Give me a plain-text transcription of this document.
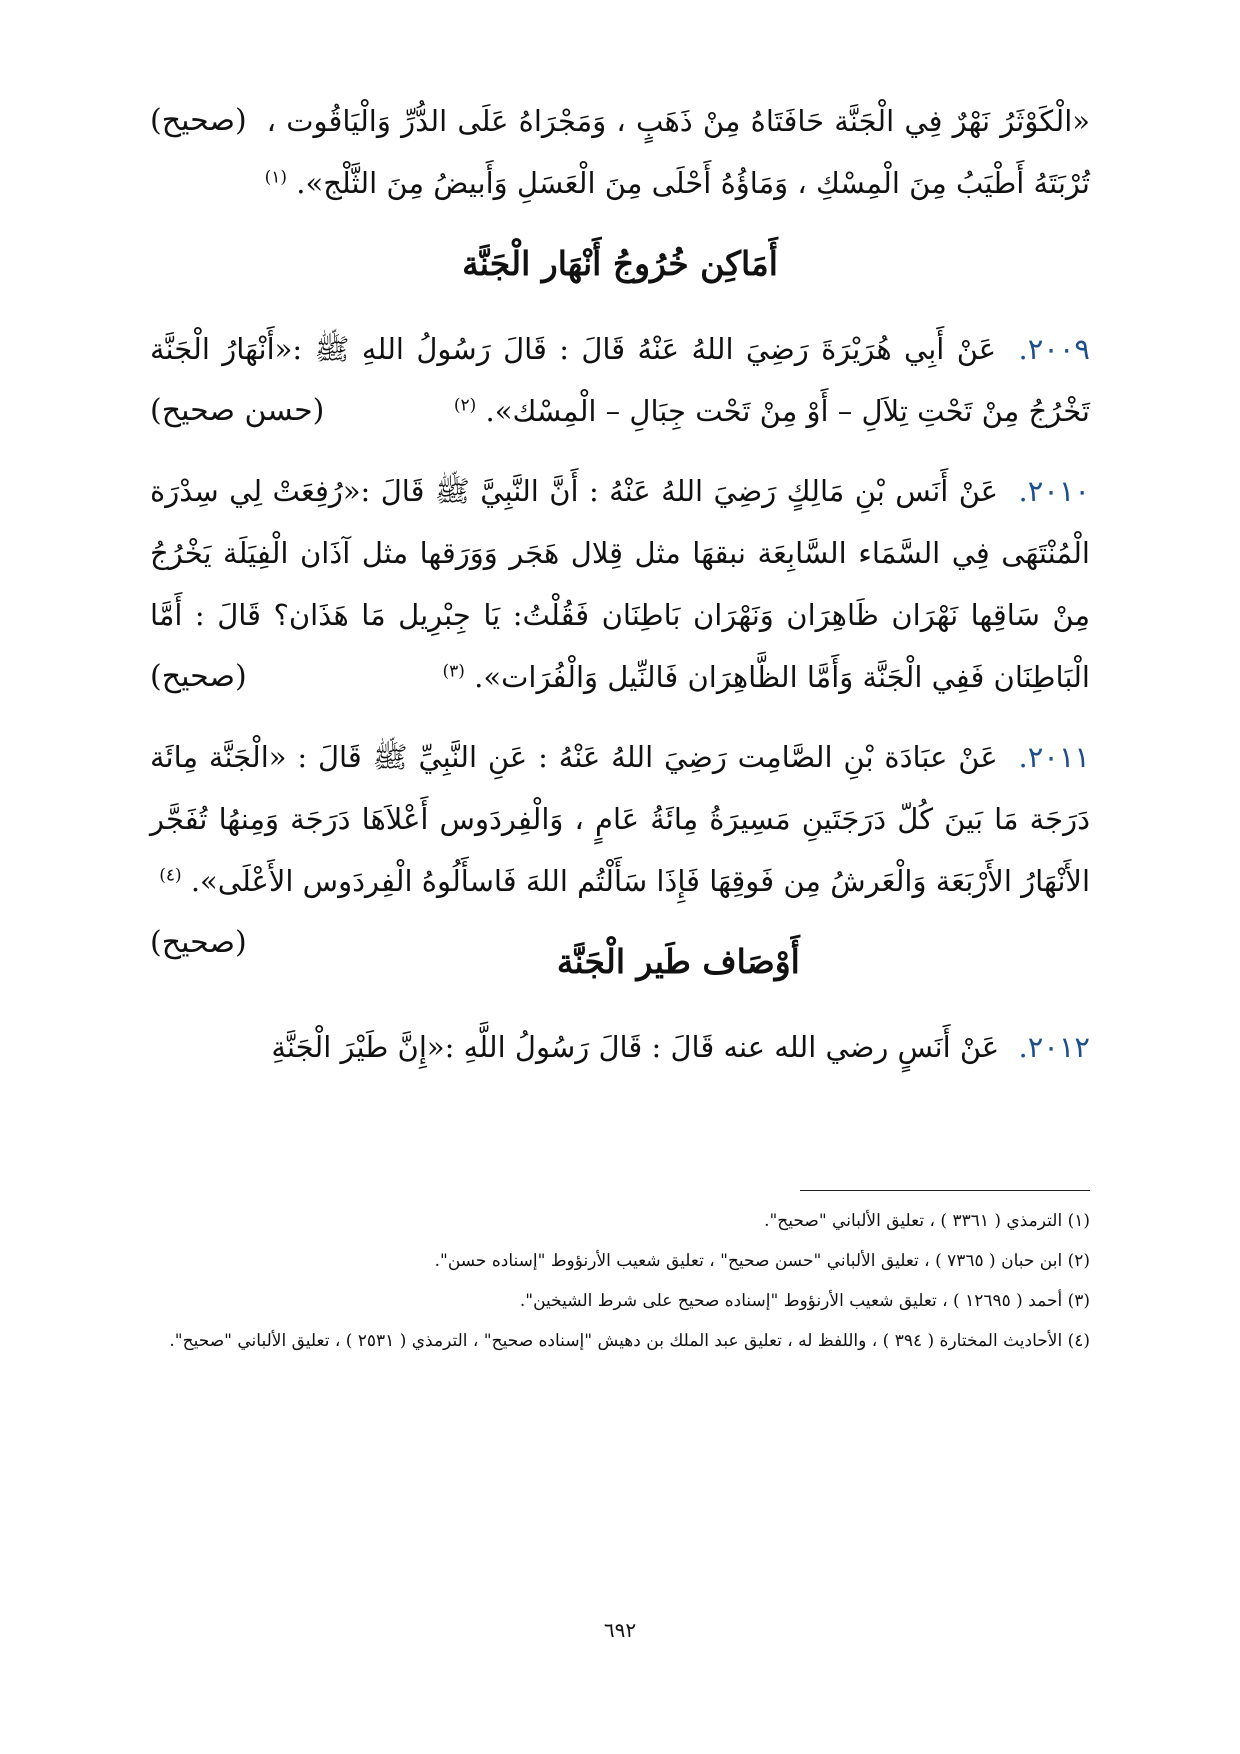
(صحيح) «الْكَوْثَرُ نَهْرٌ فِي الْجَنَّة حَافَتَاهُ مِنْ ذَهَبٍ ، وَمَجْرَاهُ عَلَى الدُّرِّ وَالْيَاقُوت ، تُرْبَتَهُ أَطْيَبُ مِنَ الْمِسْكِ ، وَمَاؤُهُ أَحْلَى مِنَ الْعَسَلِ وَأَبيضُ مِنَ الثَّلْج». $^{(١)}$

أَمَاكِن خُرُوجُ أَنْهَار الْجَنَّة

٢٠٠٩. عَنْ أَبِي هُرَيْرَةَ رَضِيَ اللهُ عَنْهُ قَالَ : قَالَ رَسُولُ اللهِ ﷺ :«أَنْهَارُ الْجَنَّة تَخْرُجُ مِنْ تَحْتِ تِلاَلِ – أَوْ مِنْ تَحْت جِبَالِ – الْمِسْك». $^{(٢)}$
(حسن صحيح)

٢٠١٠. عَنْ أَنَس بْنِ مَالِكٍ رَضِيَ اللهُ عَنْهُ : أَنَّ النَّبِيَّ ﷺ قَالَ :«رُفِعَتْ لِي سِدْرَة الْمُنْتَهَى فِي السَّمَاء السَّابِعَة نبقهَا مثل قِلال هَجَر وَوَرَقها مثل آذَان الْفِيَلَة يَخْرُجُ مِنْ سَاقِها نَهْرَان ظَاهِرَان وَنَهْرَان بَاطِنَان فَقُلْتُ: يَا جِبْرِيل مَا هَذَان؟ قَالَ : أَمَّا الْبَاطِنَان فَفِي الْجَنَّة وَأَمَّا الظَّاهِرَان فَالنِّيل وَالْفُرَات». $^{(٣)}$
(صحيح)

٢٠١١. عَنْ عبَادَة بْنِ الصَّامِت رَضِيَ اللهُ عَنْهُ : عَنِ النَّبِيِّ ﷺ قَالَ : «الْجَنَّة مِائَة دَرَجَة مَا بَينَ كُلّ دَرَجَتَينِ مَسِيرَةُ مِائَةُ عَامٍ ، وَالْفِردَوس أَعْلاَهَا دَرَجَة وَمِنهُا تُفَجَّر الأَنْهَارُ الأَرْبَعَة وَالْعَرشُ مِن فَوقِهَا فَإِذَا سَأَلْتُم اللهَ فَاسأَلُوهُ الْفِردَوس الأَعْلَى». $^{(٤)}$
(صحيح)	أَوْصَاف طَير الْجَنَّة

٢٠١٢. عَنْ أَنَسٍ رضي الله عنه قَالَ : قَالَ رَسُولُ اللَّهِ :«إِنَّ طَيْرَ الْجَنَّةِ

(١) الترمذي ( ٣٣٦١ ) ، تعليق الألباني "صحيح".

(٢) ابن حبان ( ٧٣٦٥ ) ، تعليق الألباني "حسن صحيح" ، تعليق شعيب الأرنؤوط "إسناده حسن".

(٣) أحمد ( ١٢٦٩٥ ) ، تعليق شعيب الأرنؤوط "إسناده صحيح على شرط الشيخين".

(٤) الأحاديث المختارة ( ٣٩٤ ) ، واللفظ له ، تعليق عبد الملك بن دهيش "إسناده صحيح" ، الترمذي ( ٢٥٣١ ) ، تعليق الألباني "صحيح".

٦٩٢
